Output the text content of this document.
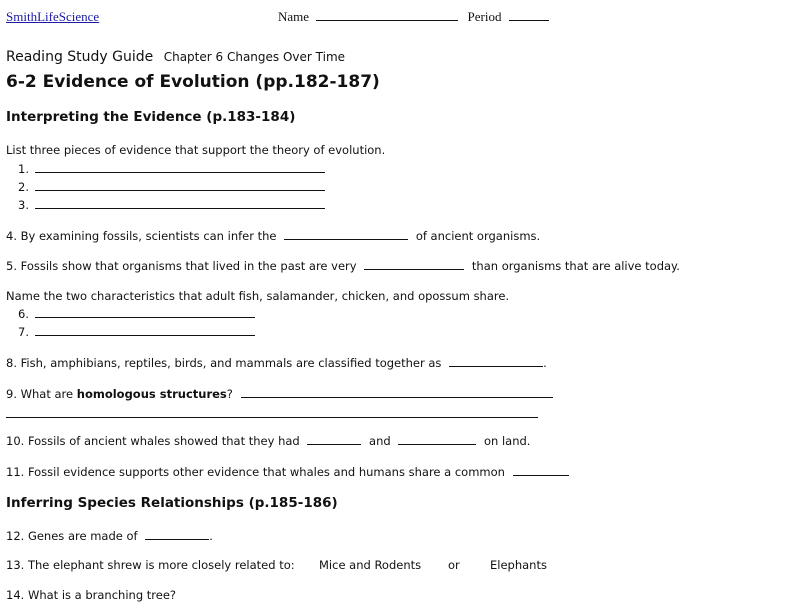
SmithLifeScience	Name	Period
Reading Study Guide Chapter 6 Changes Over Time
6-2 Evidence of Evolution (pp.182-187)
Interpreting the Evidence (p.183-184)
List three pieces of evidence that support the theory of evolution.
1.
2.
3.
4. By examining fossils, scientists can infer the	of ancient organisms.
5. Fossils show that organisms that lived in the past are very	than organisms that are alive today.
Name the two characteristics that adult fish, salamander, chicken, and opossum share.
6.
7.
8. Fish, amphibians, reptiles, birds, and mammals are classified together as	.
9. What are homologous structures?
10. Fossils of ancient whales showed that they had	and	on land.
11. Fossil evidence supports other evidence that whales and humans share a common
Inferring Species Relationships (p.185-186)
12. Genes are made of	.
13. The elephant shrew is more closely related to: Mice and Rodents or	Elephants
14. What is a branching tree?
